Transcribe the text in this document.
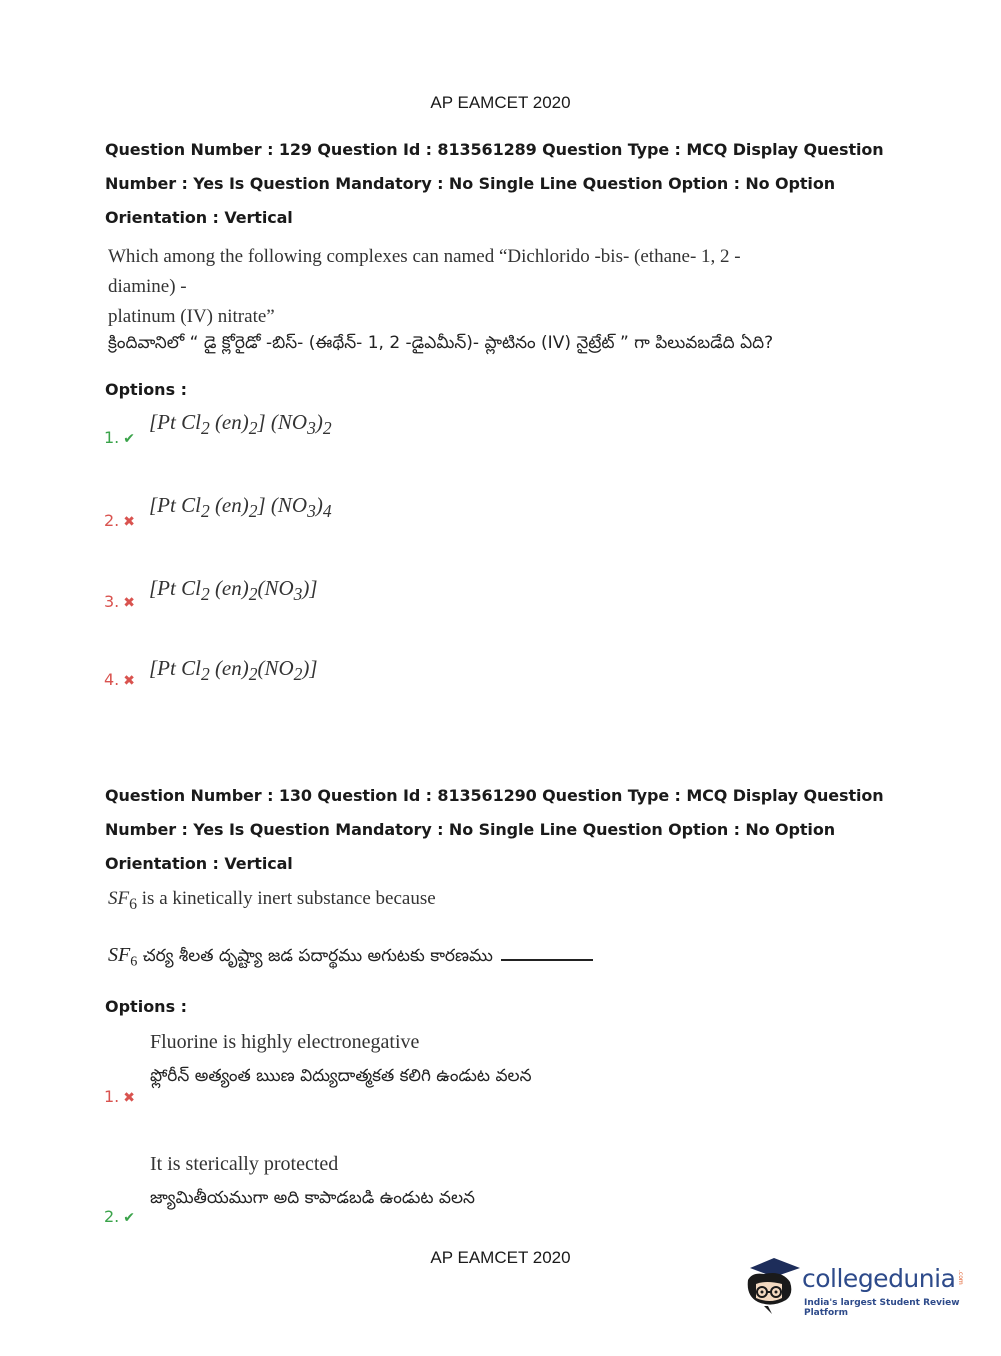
AP EAMCET 2020
Question Number : 129 Question Id : 813561289 Question Type : MCQ Display Question
Number : Yes Is Question Mandatory : No Single Line Question Option : No Option
Orientation : Vertical
Which among the following complexes can named “Dichlorido -bis- (ethane- 1, 2 -diamine) -
platinum (IV) nitrate”
క్రిందివానిలో “ డై క్లోరైడో -బిస్- (ఈథేన్- 1, 2 -డైఎమీన్)- ప్లాటినం (IV) నైట్రేట్ ” గా పిలువబడేది ఏది?
Options :
1. ✔
[Pt $Cl_2$ $(en)_2$] $(NO_3)_2$
2. ✖
[Pt $Cl_2$ $(en)_2$] $(NO_3)_4$
3. ✖
[Pt $Cl_2$ $(en)_2(NO_3)$]
4. ✖
[Pt $Cl_2$ $(en)_2(NO_2)$]
Question Number : 130 Question Id : 813561290 Question Type : MCQ Display Question
Number : Yes Is Question Mandatory : No Single Line Question Option : No Option
Orientation : Vertical
$SF_6$ is a kinetically inert substance because
$SF_6$ చర్య శీలత దృష్ట్యా జడ పదార్థము అగుటకు కారణము
Options :
Fluorine is highly electronegative
ఫ్లోరీన్ అత్యంత ఋణ విద్యుదాత్మకత కలిగి ఉండుట వలన
1. ✖
It is sterically protected
జ్యామితీయముగా అది కాపాడబడి ఉండుట వలన
2. ✔
AP EAMCET 2020
collegedunia .com
India's largest Student Review Platform
